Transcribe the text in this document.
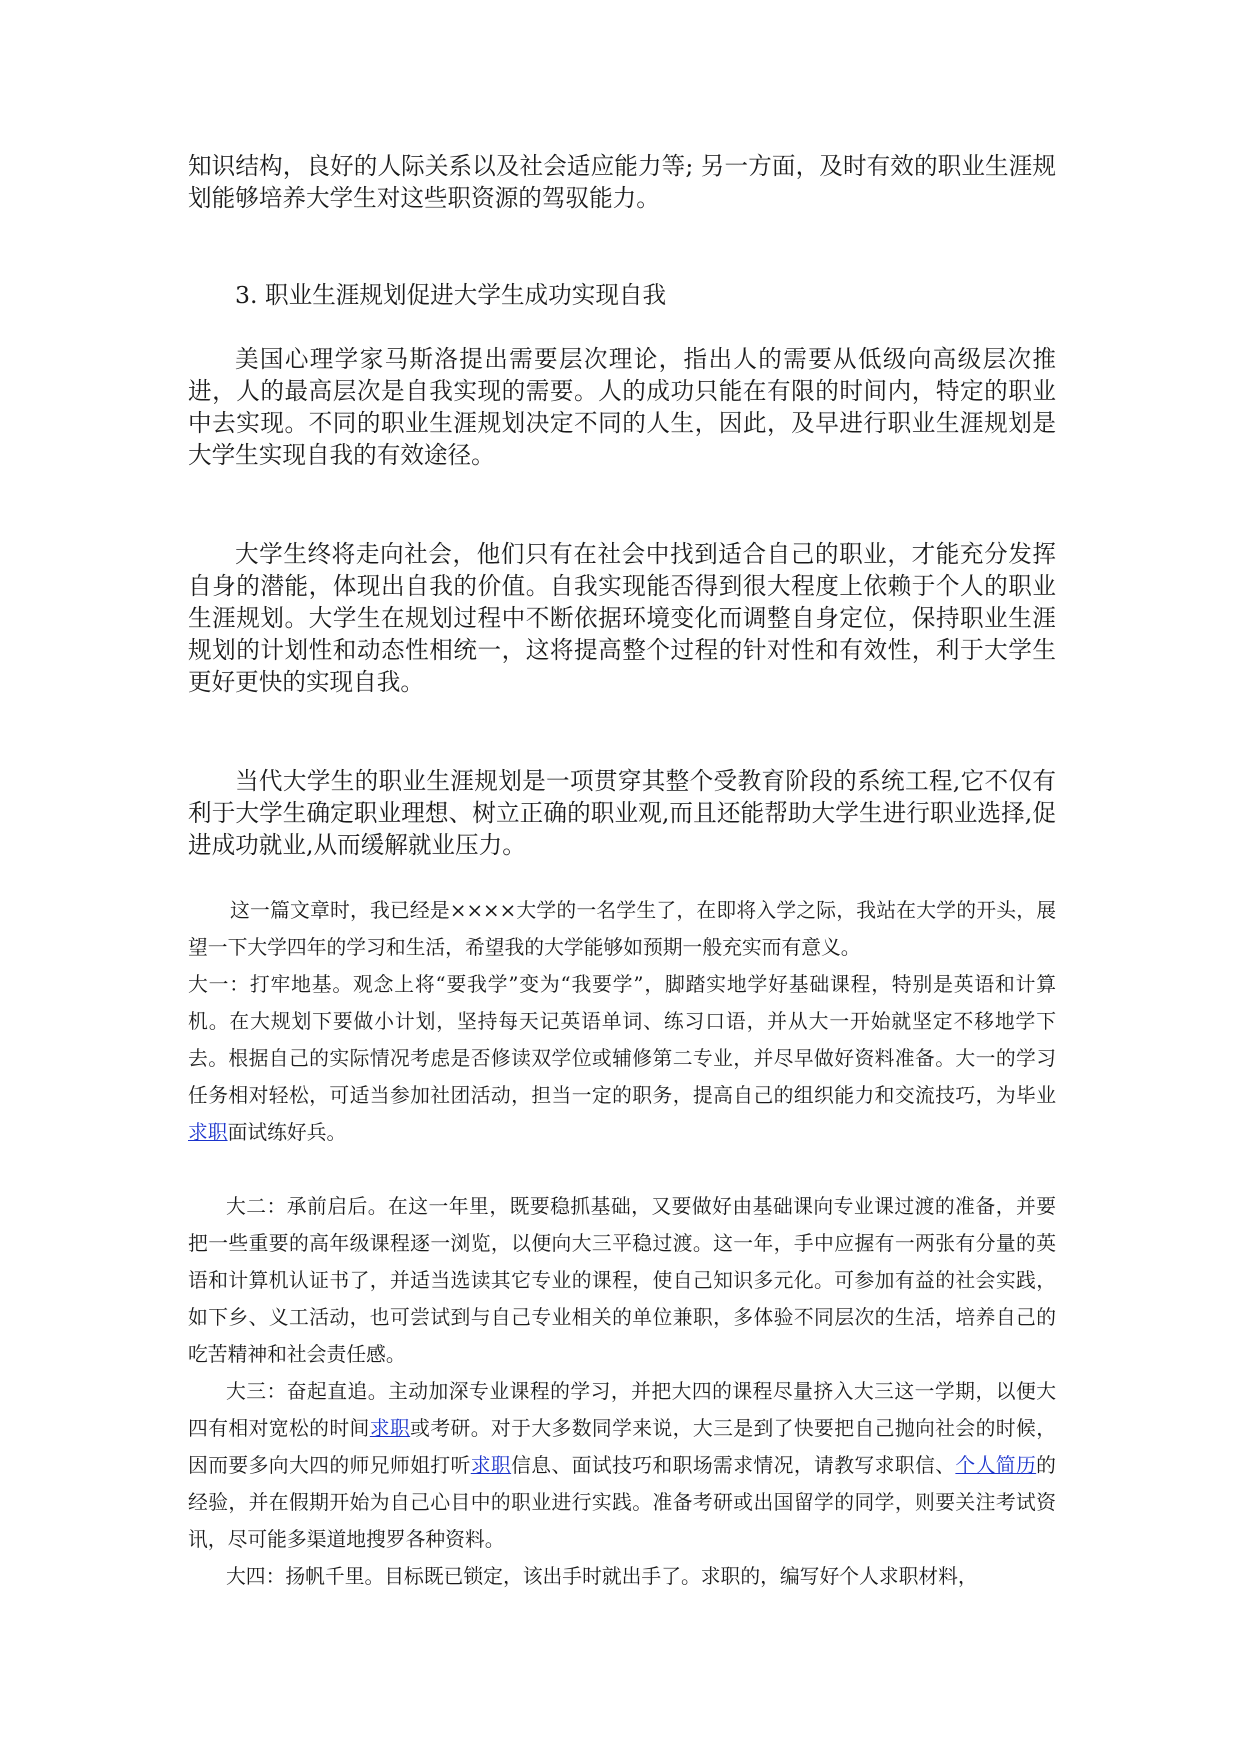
知识结构，良好的人际关系以及社会适应能力等; 另一方面，及时有效的职业生涯规划能够培养大学生对这些职资源的驾驭能力。

3. 职业生涯规划促进大学生成功实现自我

美国心理学家马斯洛提出需要层次理论，指出人的需要从低级向高级层次推进，人的最高层次是自我实现的需要。人的成功只能在有限的时间内，特定的职业中去实现。不同的职业生涯规划决定不同的人生，因此，及早进行职业生涯规划是大学生实现自我的有效途径。

大学生终将走向社会，他们只有在社会中找到适合自己的职业，才能充分发挥自身的潜能，体现出自我的价值。自我实现能否得到很大程度上依赖于个人的职业生涯规划。大学生在规划过程中不断依据环境变化而调整自身定位，保持职业生涯规划的计划性和动态性相统一，这将提高整个过程的针对性和有效性，利于大学生更好更快的实现自我。

当代大学生的职业生涯规划是一项贯穿其整个受教育阶段的系统工程,它不仅有利于大学生确定职业理想、树立正确的职业观,而且还能帮助大学生进行职业选择,促进成功就业,从而缓解就业压力。

这一篇文章时，我已经是××××大学的一名学生了，在即将入学之际，我站在大学的开头，展望一下大学四年的学习和生活，希望我的大学能够如预期一般充实而有意义。

大一：打牢地基。观念上将“要我学”变为“我要学”，脚踏实地学好基础课程，特别是英语和计算机。在大规划下要做小计划，坚持每天记英语单词、练习口语，并从大一开始就坚定不移地学下去。根据自己的实际情况考虑是否修读双学位或辅修第二专业，并尽早做好资料准备。大一的学习任务相对轻松，可适当参加社团活动，担当一定的职务，提高自己的组织能力和交流技巧，为毕业求职面试练好兵。

大二：承前启后。在这一年里，既要稳抓基础，又要做好由基础课向专业课过渡的准备，并要把一些重要的高年级课程逐一浏览，以便向大三平稳过渡。这一年，手中应握有一两张有分量的英语和计算机认证书了，并适当选读其它专业的课程，使自己知识多元化。可参加有益的社会实践，如下乡、义工活动，也可尝试到与自己专业相关的单位兼职，多体验不同层次的生活，培养自己的吃苦精神和社会责任感。

大三：奋起直追。主动加深专业课程的学习，并把大四的课程尽量挤入大三这一学期，以便大四有相对宽松的时间求职或考研。对于大多数同学来说，大三是到了快要把自己抛向社会的时候，因而要多向大四的师兄师姐打听求职信息、面试技巧和职场需求情况，请教写求职信、个人简历的经验，并在假期开始为自己心目中的职业进行实践。准备考研或出国留学的同学，则要关注考试资讯，尽可能多渠道地搜罗各种资料。

大四：扬帆千里。目标既已锁定，该出手时就出手了。求职的，编写好个人求职材料，
